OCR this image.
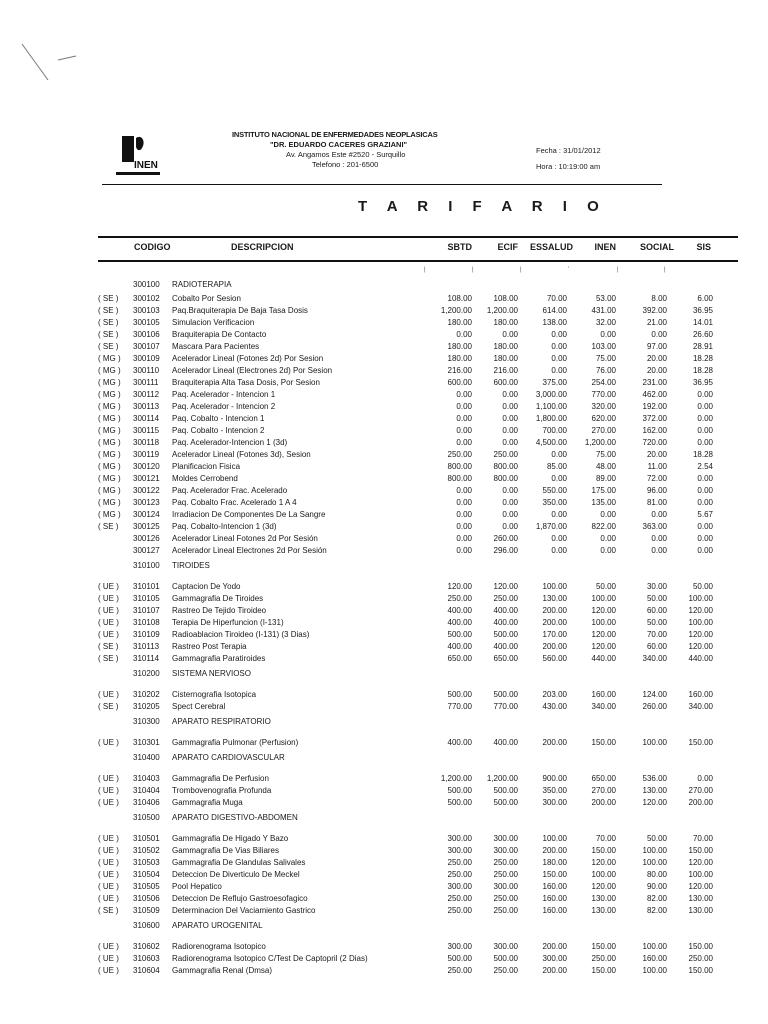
INEN
INSTITUTO NACIONAL DE ENFERMEDADES NEOPLASICAS
"DR. EDUARDO CACERES GRAZIANI"
Av. Angamos Este #2520 - Surquillo
Telefono : 201-6500
Fecha : 31/01/2012
Hora : 10:19:00 am
T A R I F A R I O
CODIGO	DESCRIPCION	SBTD	ECIF	ESSALUD	INEN	SOCIAL	SIS
|	|	|	'	|	|
300100 RADIOTERAPIA
( SE )	300102 Cobalto Por Sesion	108.00	108.00	70.00	53.00	8.00	6.00
( SE )	300103 Paq.Braquiterapia De Baja Tasa Dosis	1,200.00	1,200.00	614.00	431.00	392.00	36.95
( SE )	300105 Simulacion Verificacion	180.00	180.00	138.00	32.00	21.00	14.01
( SE )	300106 Braquiterapia De Contacto	0.00	0.00	0.00	0.00	0.00	26.60
( SE )	300107 Mascara Para Pacientes	180.00	180.00	0.00	103.00	97.00	28.91
( MG )	300109 Acelerador Lineal (Fotones 2d) Por Sesion	180.00	180.00	0.00	75.00	20.00	18.28
( MG )	300110 Acelerador Lineal (Electrones 2d) Por Sesion	216.00	216.00	0.00	76.00	20.00	18.28
( MG )	300111 Braquiterapia Alta Tasa Dosis, Por Sesion	600.00	600.00	375.00	254.00	231.00	36.95
( MG )	300112 Paq. Acelerador - Intencion 1	0.00	0.00	3,000.00	770.00	462.00	0.00
( MG )	300113 Paq. Acelerador - Intencion 2	0.00	0.00	1,100.00	320.00	192.00	0.00
( MG )	300114 Paq. Cobalto - Intencion 1	0.00	0.00	1,800.00	620.00	372.00	0.00
( MG )	300115 Paq. Cobalto - Intencion 2	0.00	0.00	700.00	270.00	162.00	0.00
( MG )	300118 Paq. Acelerador-Intencion 1 (3d)	0.00	0.00	4,500.00	1,200.00	720.00	0.00
( MG )	300119 Acelerador Lineal (Fotones 3d), Sesion	250.00	250.00	0.00	75.00	20.00	18.28
( MG )	300120 Planificacion Fisica	800.00	800.00	85.00	48.00	11.00	2.54
( MG )	300121 Moldes Cerrobend	800.00	800.00	0.00	89.00	72.00	0.00
( MG )	300122 Paq. Acelerador Frac. Acelerado	0.00	0.00	550.00	175.00	96.00	0.00
( MG )	300123 Paq. Cobalto Frac. Acelerado 1 A 4	0.00	0.00	350.00	135.00	81.00	0.00
( MG )	300124 Irradiacion De Componentes De La Sangre	0.00	0.00	0.00	0.00	0.00	5.67
( SE )	300125 Paq. Cobalto-Intencion 1 (3d)	0.00	0.00	1,870.00	822.00	363.00	0.00
300126 Acelerador Lineal Fotones 2d Por Sesión	0.00	260.00	0.00	0.00	0.00	0.00
300127 Acelerador Lineal Electrones 2d Por Sesión	0.00	296.00	0.00	0.00	0.00	0.00
310100 TIROIDES
( UE )	310101 Captacion De Yodo	120.00	120.00	100.00	50.00	30.00	50.00
( UE )	310105 Gammagrafia De Tiroides	250.00	250.00	130.00	100.00	50.00	100.00
( UE )	310107 Rastreo De Tejido Tiroideo	400.00	400.00	200.00	120.00	60.00	120.00
( UE )	310108 Terapia De Hiperfuncion (I-131)	400.00	400.00	200.00	100.00	50.00	100.00
( UE )	310109 Radioablacion Tiroideo (I-131) (3 Dias)	500.00	500.00	170.00	120.00	70.00	120.00
( SE )	310113 Rastreo Post Terapia	400.00	400.00	200.00	120.00	60.00	120.00
( SE )	310114 Gammagrafia Paratiroides	650.00	650.00	560.00	440.00	340.00	440.00
310200 SISTEMA NERVIOSO
( UE )	310202 Cisternografia Isotopica	500.00	500.00	203.00	160.00	124.00	160.00
( SE )	310205 Spect Cerebral	770.00	770.00	430.00	340.00	260.00	340.00
310300 APARATO RESPIRATORIO
( UE )	310301 Gammagrafia Pulmonar (Perfusion)	400.00	400.00	200.00	150.00	100.00	150.00
310400 APARATO CARDIOVASCULAR
( UE )	310403 Gammagrafia De Perfusion	1,200.00	1,200.00	900.00	650.00	536.00	0.00
( UE )	310404 Trombovenografia Profunda	500.00	500.00	350.00	270.00	130.00	270.00
( UE )	310406 Gammagrafia Muga	500.00	500.00	300.00	200.00	120.00	200.00
310500 APARATO DIGESTIVO-ABDOMEN
( UE )	310501 Gammagrafia De Higado Y Bazo	300.00	300.00	100.00	70.00	50.00	70.00
( UE )	310502 Gammagrafia De Vias Biliares	300.00	300.00	200.00	150.00	100.00	150.00
( UE )	310503 Gammagrafia De Glandulas Salivales	250.00	250.00	180.00	120.00	100.00	120.00
( UE )	310504 Deteccion De Diverticulo De Meckel	250.00	250.00	150.00	100.00	80.00	100.00
( UE )	310505 Pool Hepatico	300.00	300.00	160.00	120.00	90.00	120.00
( UE )	310506 Deteccion De Reflujo Gastroesofagico	250.00	250.00	160.00	130.00	82.00	130.00
( SE )	310509 Determinacion Del Vaciamiento Gastrico	250.00	250.00	160.00	130.00	82.00	130.00
310600 APARATO UROGENITAL
( UE )	310602 Radiorenograma Isotopico	300.00	300.00	200.00	150.00	100.00	150.00
( UE )	310603 Radiorenograma Isotopico C/Test De Captopril (2 Dias)	500.00	500.00	300.00	250.00	160.00	250.00
( UE )	310604 Gammagrafia Renal (Dmsa)	250.00	250.00	200.00	150.00	100.00	150.00
